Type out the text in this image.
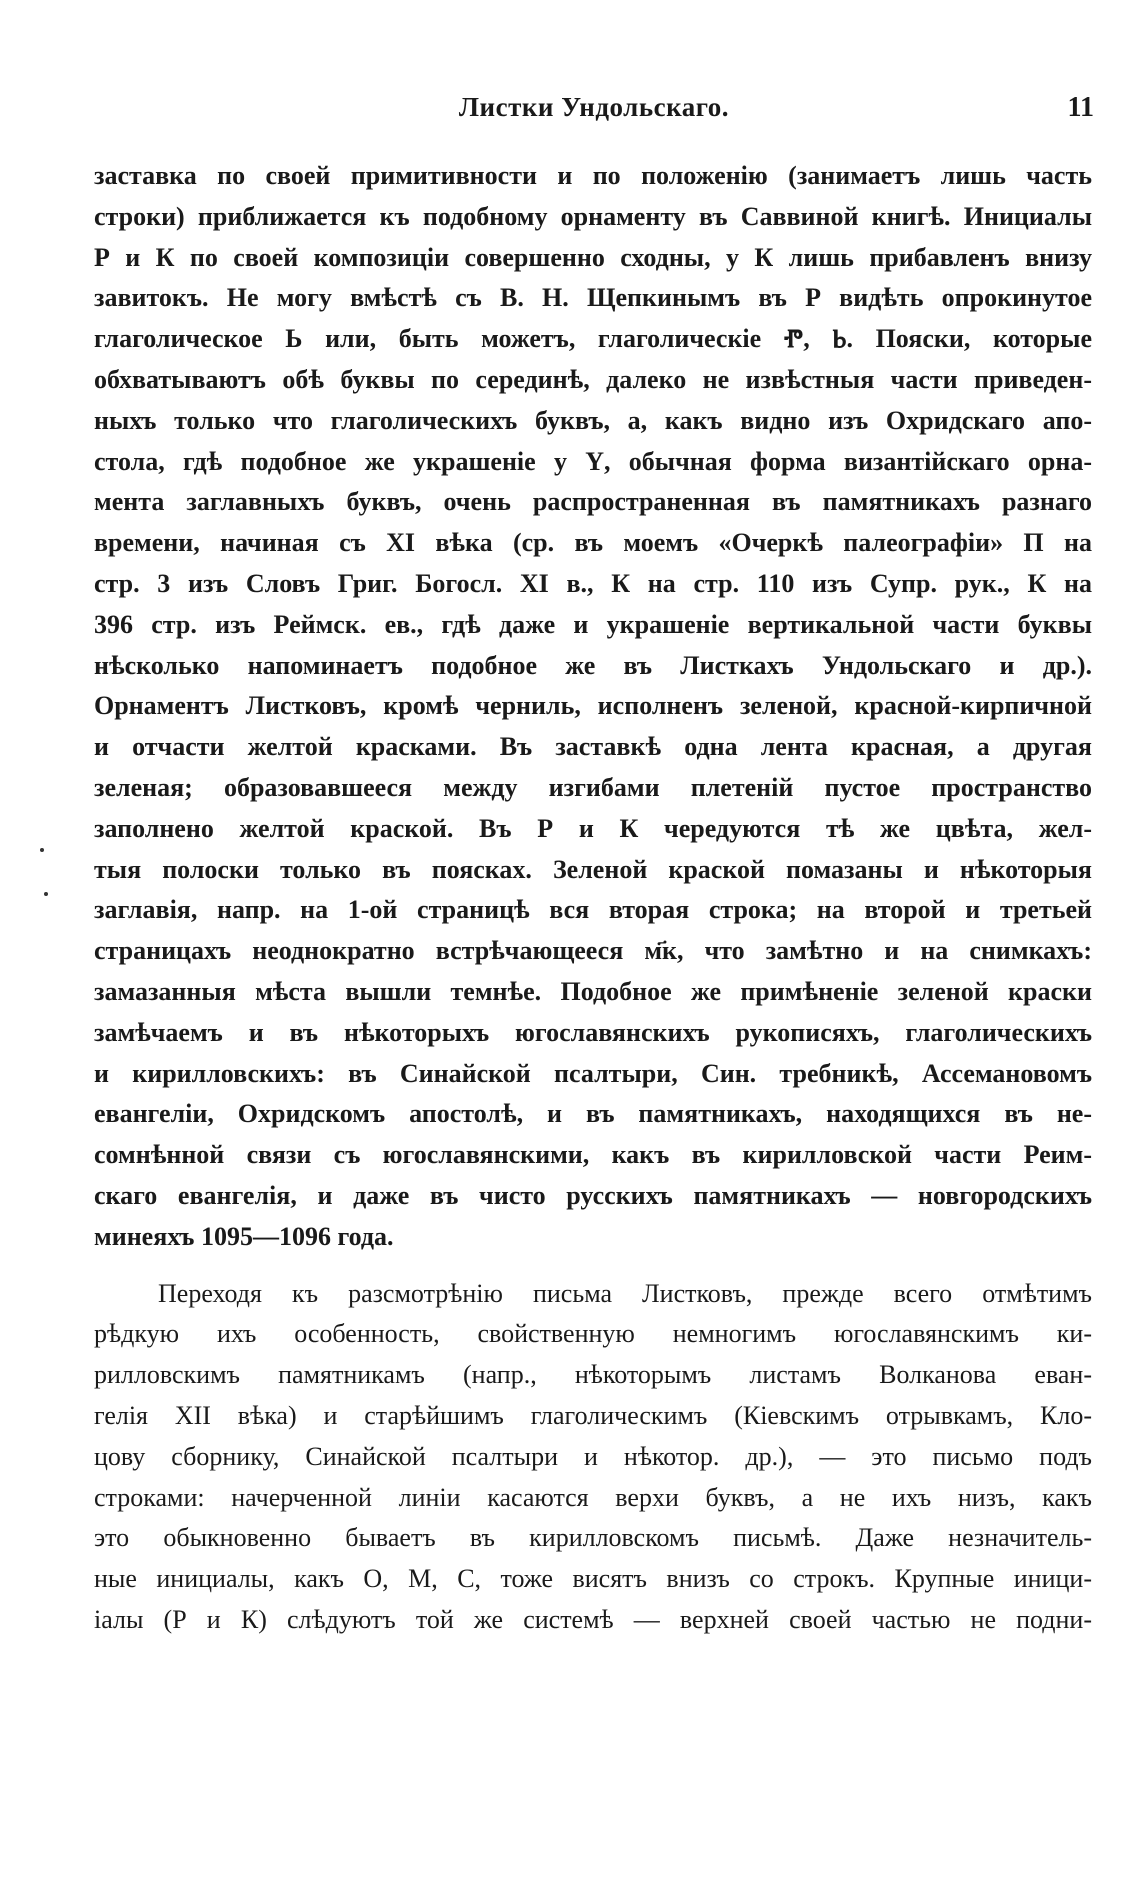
Листки Ундольскаго.	11
заставка по своей примитивности и по положенію (занимаетъ лишь часть
строки) приближается къ подобному орнаменту въ Саввиной книгѣ. Инициалы
Р и К по своей композиціи совершенно сходны, у К лишь прибавленъ внизу
завитокъ. Не могу вмѣстѣ съ В. Н. Щепкинымъ въ Р видѣть опрокинутое
глаголическое Ь или, быть можетъ, глаголическіе Ⱂ, Ⱃ. Пояски, которые
обхватываютъ обѣ буквы по серединѣ, далеко не извѣстныя части приведен-
ныхъ только что глаголическихъ буквъ, а, какъ видно изъ Охридскаго апо-
стола, гдѣ подобное же украшеніе у Ү, обычная форма византійскаго орна-
мента заглавныхъ буквъ, очень распространенная въ памятникахъ разнаго
времени, начиная съ XI вѣка (ср. въ моемъ «Очеркѣ палеографіи» П на
стр. 3 изъ Словъ Григ. Богосл. XI в., К на стр. 110 изъ Супр. рук., К на
396 стр. изъ Реймск. ев., гдѣ даже и украшеніе вертикальной части буквы
нѣсколько напоминаетъ подобное же въ Листкахъ Ундольскаго и др.).
Орнаментъ Листковъ, кромѣ черниль, исполненъ зеленой, красной-кирпичной
и отчасти желтой красками. Въ заставкѣ одна лента красная, а другая
зеленая; образовавшееся между изгибами плетеній пустое пространство
заполнено желтой краской. Въ Р и К чередуются тѣ же цвѣта, жел-
тыя полоски только въ поясках. Зеленой краской помазаны и нѣкоторыя
заглавія, напр. на 1-ой страницѣ вся вторая строка; на второй и третьей
страницахъ неоднократно встрѣчающееся м҃к, что замѣтно и на снимкахъ:
замазанныя мѣста вышли темнѣе. Подобное же примѣненіе зеленой краски
замѣчаемъ и въ нѣкоторыхъ югославянскихъ рукописяхъ, глаголическихъ
и кирилловскихъ: въ Синайской псалтыри, Син. требникѣ, Ассемановомъ
евангеліи, Охридскомъ апостолѣ, и въ памятникахъ, находящихся въ не-
сомнѣнной связи съ югославянскими, какъ въ кирилловской части Реим-
скаго евангелія, и даже въ чисто русскихъ памятникахъ — новгородскихъ
минеяхъ 1095—1096 года.
Переходя къ разсмотрѣнію письма Листковъ, прежде всего отмѣтимъ
рѣдкую ихъ особенность, свойственную немногимъ югославянскимъ ки-
рилловскимъ памятникамъ (напр., нѣкоторымъ листамъ Волканова еван-
гелія XII вѣка) и старѣйшимъ глаголическимъ (Кіевскимъ отрывкамъ, Кло-
цову сборнику, Синайской псалтыри и нѣкотор. др.), — это письмо подъ
строками: начерченной линіи касаются верхи буквъ, а не ихъ низъ, какъ
это обыкновенно бываетъ въ кирилловскомъ письмѣ. Даже незначитель-
ные инициалы, какъ О, М, С, тоже висятъ внизъ со строкъ. Крупные иници-
іалы (Р и К) слѣдуютъ той же системѣ — верхней своей частью не подни-
